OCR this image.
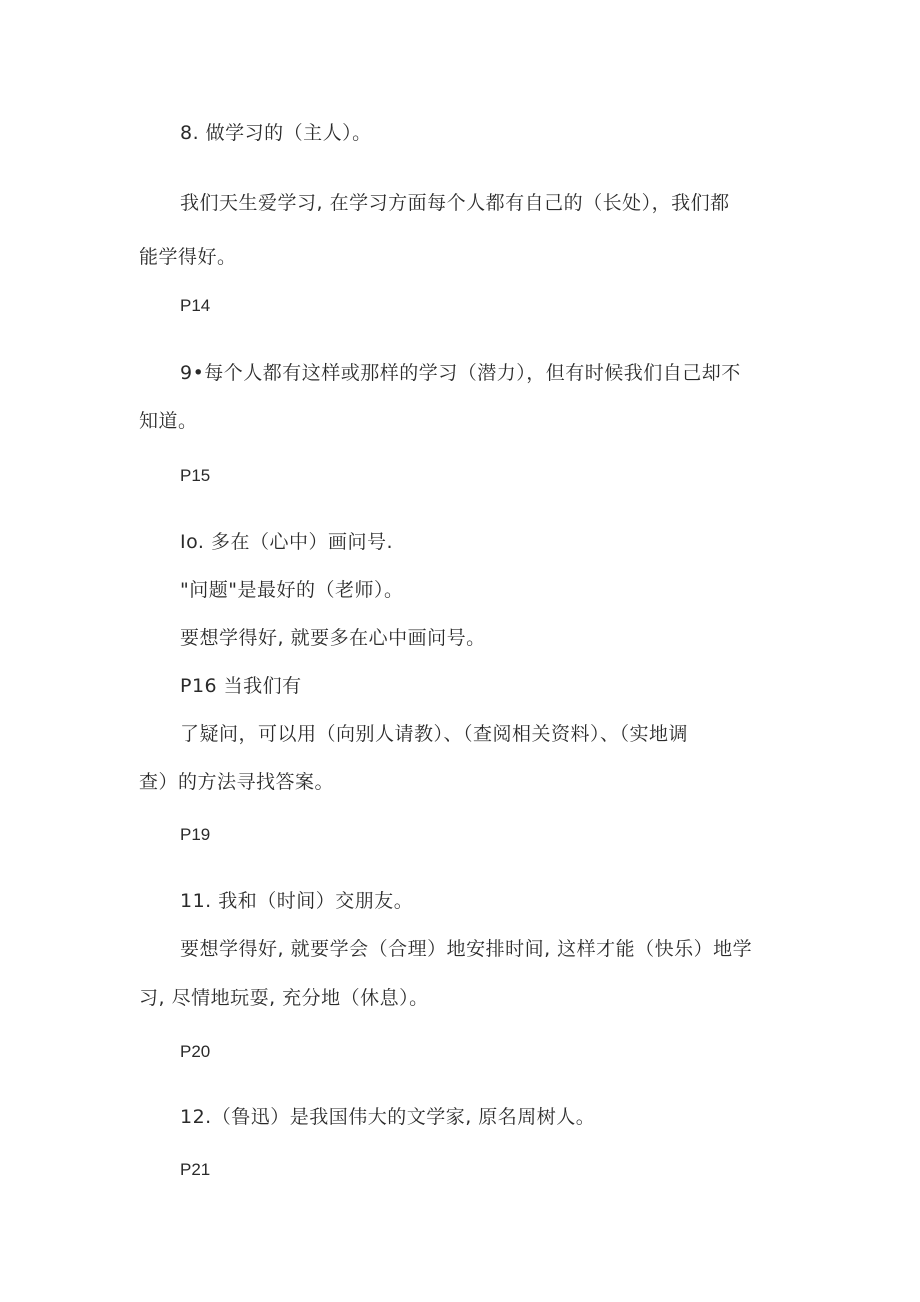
8. 做学习的（主人）。
我们天生爱学习, 在学习方面每个人都有自己的（长处），我们都
能学得好。
P14
9•每个人都有这样或那样的学习（潜力），但有时候我们自己却不
知道。
P15
Io. 多在（心中）画问号.
"问题"是最好的（老师）。
要想学得好, 就要多在心中画问号。
P16 当我们有
了疑问，可以用（向别人请教）、（查阅相关资料）、（实地调
查）的方法寻找答案。
P19
11. 我和（时间）交朋友。
要想学得好, 就要学会（合理）地安排时间, 这样才能（快乐）地学
习, 尽情地玩耍, 充分地（休息）。
P20
12.（鲁迅）是我国伟大的文学家, 原名周树人。
P21
